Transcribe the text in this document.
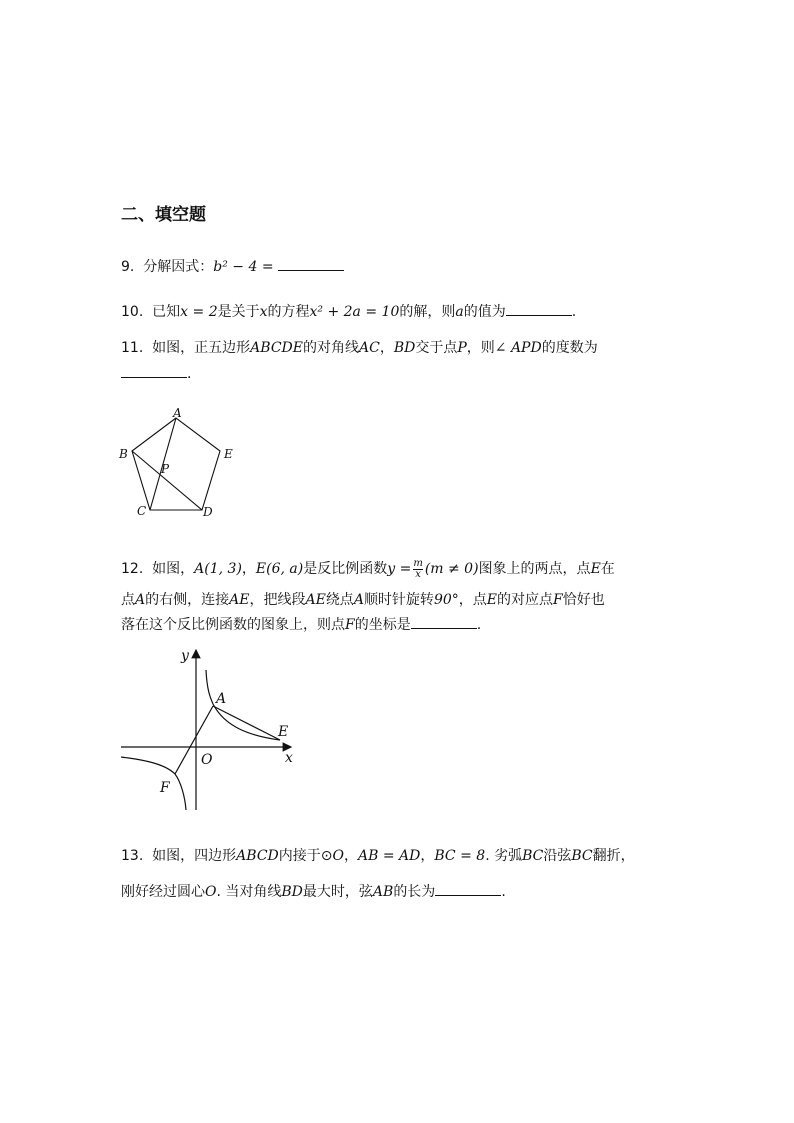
二、填空题
9. 分解因式：b² − 4 =
10. 已知x = 2是关于x的方程x² + 2a = 10的解，则a的值为	.
11. 如图，正五边形ABCDE的对角线AC，BD交于点P，则∠ APD的度数为
.
A
B	E
P
C	D
12. 如图，A(1, 3)，E(6, a)是反比例函数$y = \frac{m}{x} (m \ne 0)$图象上的两点，点E在
点A的右侧，连接AE，把线段AE绕点A顺时针旋转90°，点E的对应点F恰好也
落在这个反比例函数的图象上，则点F的坐标是	.
y
A
E
O	x
F
13. 如图，四边形ABCD内接于⊙O，AB = AD，BC = 8. 劣弧BC沿弦BC翻折，
刚好经过圆心O. 当对角线BD最大时，弦AB的长为	.
